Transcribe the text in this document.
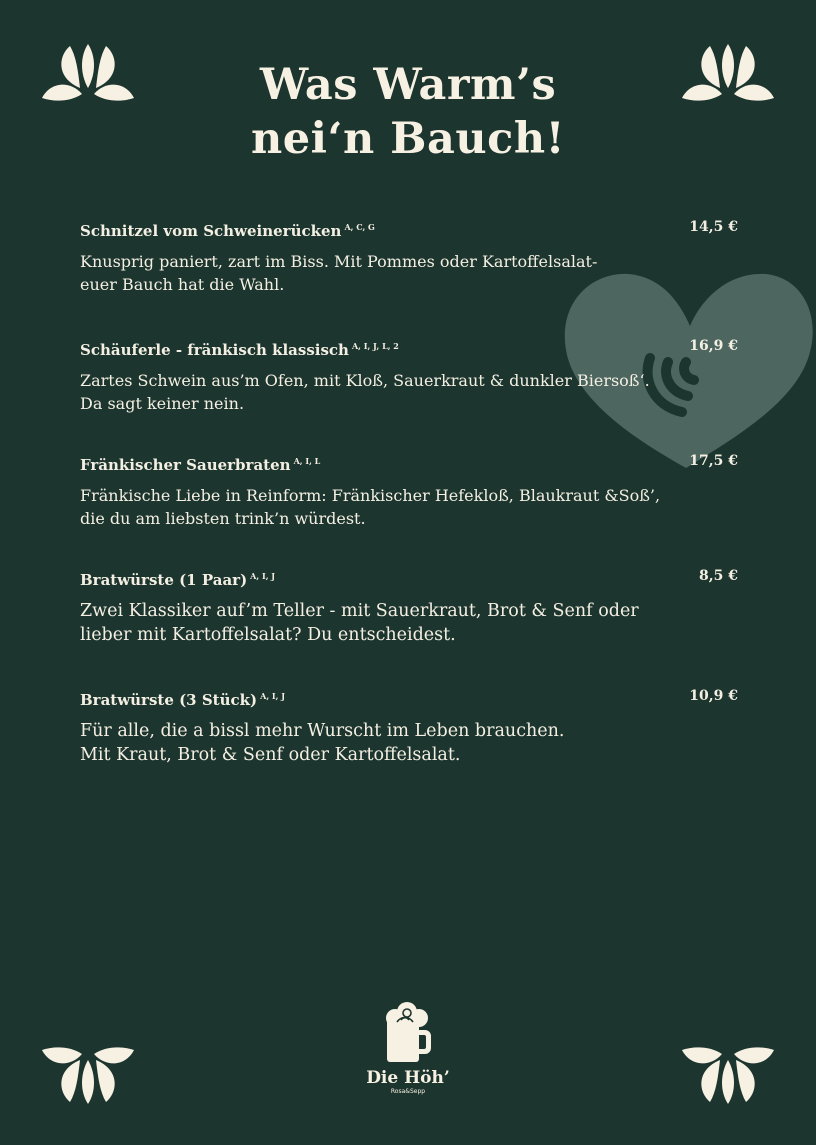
Was Warm’s
nei‘n Bauch!
Schnitzel vom Schweinerücken $^{A, C, G}$	14,5 €
Knusprig paniert, zart im Biss. Mit Pommes oder Kartoffelsalat-
euer Bauch hat die Wahl.
Schäuferle - fränkisch klassisch $^{A, I, J, L, 2}$	16,9 €
Zartes Schwein aus’m Ofen, mit Kloß, Sauerkraut & dunkler Biersoß‘.
Da sagt keiner nein.
Fränkischer Sauerbraten $^{A, I, L}$	17,5 €
Fränkische Liebe in Reinform: Fränkischer Hefekloß, Blaukraut &Soß’,
die du am liebsten trink’n würdest.
Bratwürste (1 Paar) $^{A, I, J}$	8,5 €
Zwei Klassiker auf’m Teller - mit Sauerkraut, Brot & Senf oder
lieber mit Kartoffelsalat? Du entscheidest.
Bratwürste (3 Stück) $^{A, I, J}$	10,9 €
Für alle, die a bissl mehr Wurscht im Leben brauchen.
Mit Kraut, Brot & Senf oder Kartoffelsalat.
Die Höh’
Rosa&Sepp
